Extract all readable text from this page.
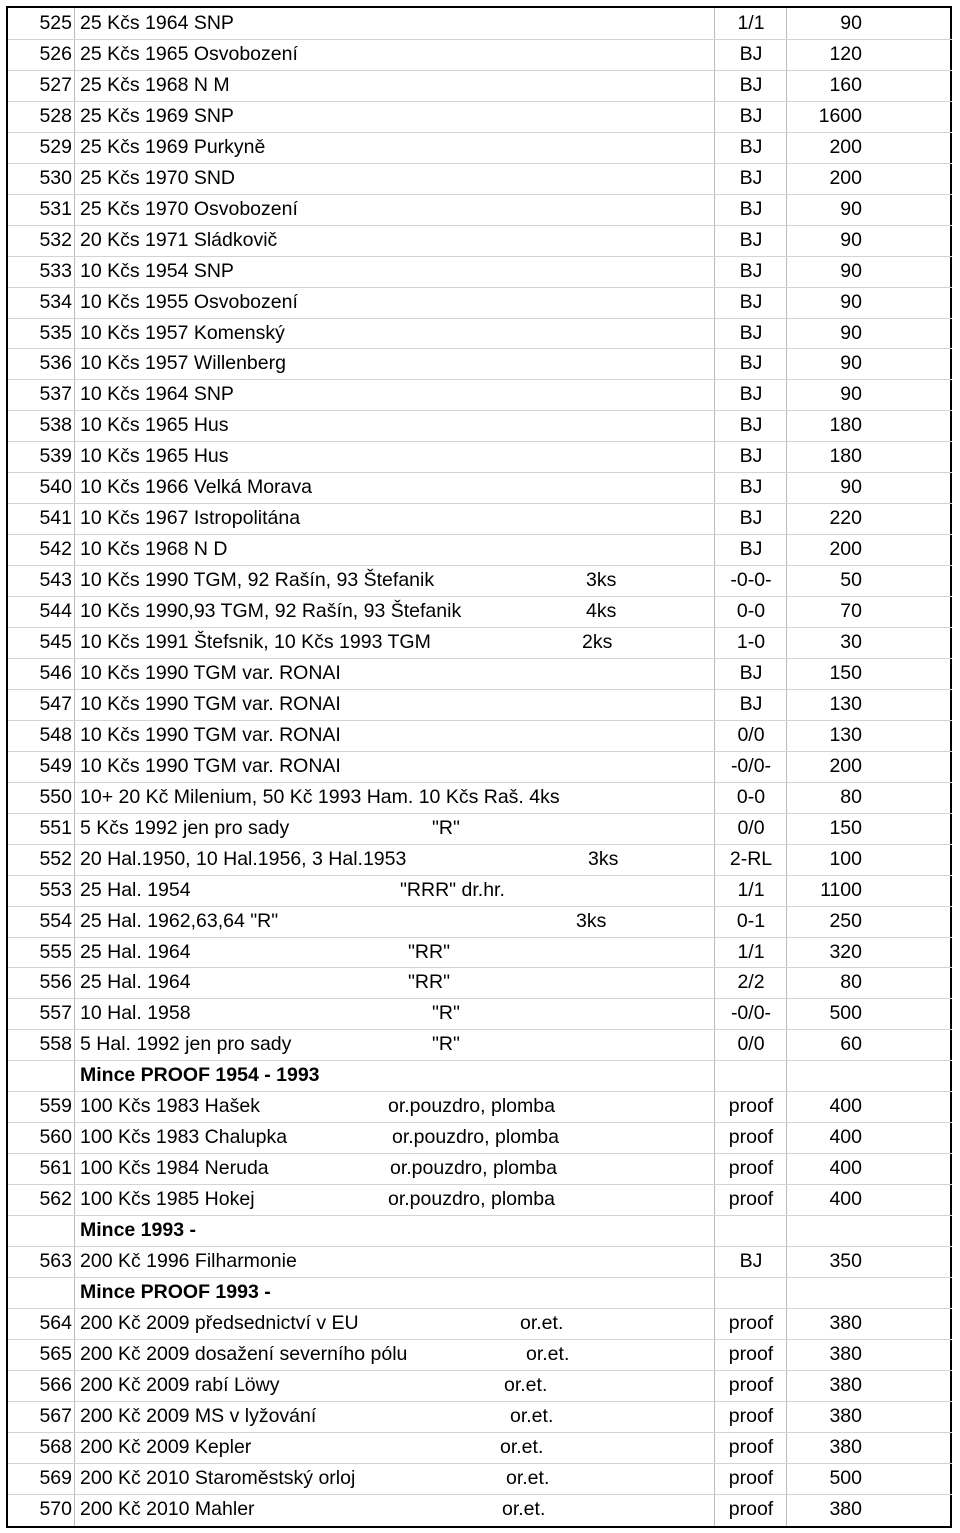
525 25 Kčs 1964 SNP	1/1	90
526 25 Kčs 1965 Osvobození	BJ	120
527 25 Kčs 1968 N M	BJ	160
528 25 Kčs 1969 SNP	BJ	1600
529 25 Kčs 1969 Purkyně	BJ	200
530 25 Kčs 1970 SND	BJ	200
531 25 Kčs 1970 Osvobození	BJ	90
532 20 Kčs 1971 Sládkovič	BJ	90
533 10 Kčs 1954 SNP	BJ	90
534 10 Kčs 1955 Osvobození	BJ	90
535 10 Kčs 1957 Komenský	BJ	90
536 10 Kčs 1957 Willenberg	BJ	90
537 10 Kčs 1964 SNP	BJ	90
538 10 Kčs 1965 Hus	BJ	180
539 10 Kčs 1965 Hus	BJ	180
540 10 Kčs 1966 Velká Morava	BJ	90
541 10 Kčs 1967 Istropolitána	BJ	220
542 10 Kčs 1968 N D	BJ	200
543 10 Kčs 1990 TGM, 92 Rašín, 93 Štefanik	3ks	-0-0-	50
544 10 Kčs 1990,93 TGM, 92 Rašín, 93 Štefanik	4ks	0-0	70
545 10 Kčs 1991 Štefsnik, 10 Kčs 1993 TGM	2ks	1-0	30
546 10 Kčs 1990 TGM var. RONAI	BJ	150
547 10 Kčs 1990 TGM var. RONAI	BJ	130
548 10 Kčs 1990 TGM var. RONAI	0/0	130
549 10 Kčs 1990 TGM var. RONAI	-0/0-	200
550 10+ 20 Kč Milenium, 50 Kč 1993 Ham. 10 Kčs Raš. 4ks	0-0	80
551 5 Kčs 1992 jen pro sady	"R"	0/0	150
552 20 Hal.1950, 10 Hal.1956, 3 Hal.1953	3ks	2-RL	100
553 25 Hal. 1954	"RRR" dr.hr.	1/1	1100
554 25 Hal. 1962,63,64 "R"	3ks	0-1	250
555 25 Hal. 1964	"RR"	1/1	320
556 25 Hal. 1964	"RR"	2/2	80
557 10 Hal. 1958	"R"	-0/0-	500
558 5 Hal. 1992 jen pro sady	"R"	0/0	60
Mince PROOF 1954 - 1993
559 100 Kčs 1983 Hašek	or.pouzdro, plomba	proof	400
560 100 Kčs 1983 Chalupka	or.pouzdro, plomba	proof	400
561 100 Kčs 1984 Neruda	or.pouzdro, plomba	proof	400
562 100 Kčs 1985 Hokej	or.pouzdro, plomba	proof	400
Mince 1993 -
563 200 Kč 1996 Filharmonie	BJ	350
Mince PROOF 1993 -
564 200 Kč 2009 předsednictví v EU	or.et.	proof	380
565 200 Kč 2009 dosažení severního pólu	or.et.	proof	380
566 200 Kč 2009 rabí Löwy	or.et.	proof	380
567 200 Kč 2009 MS v lyžování	or.et.	proof	380
568 200 Kč 2009 Kepler	or.et.	proof	380
569 200 Kč 2010 Staroměstský orloj	or.et.	proof	500
570 200 Kč 2010 Mahler	or.et.	proof	380
